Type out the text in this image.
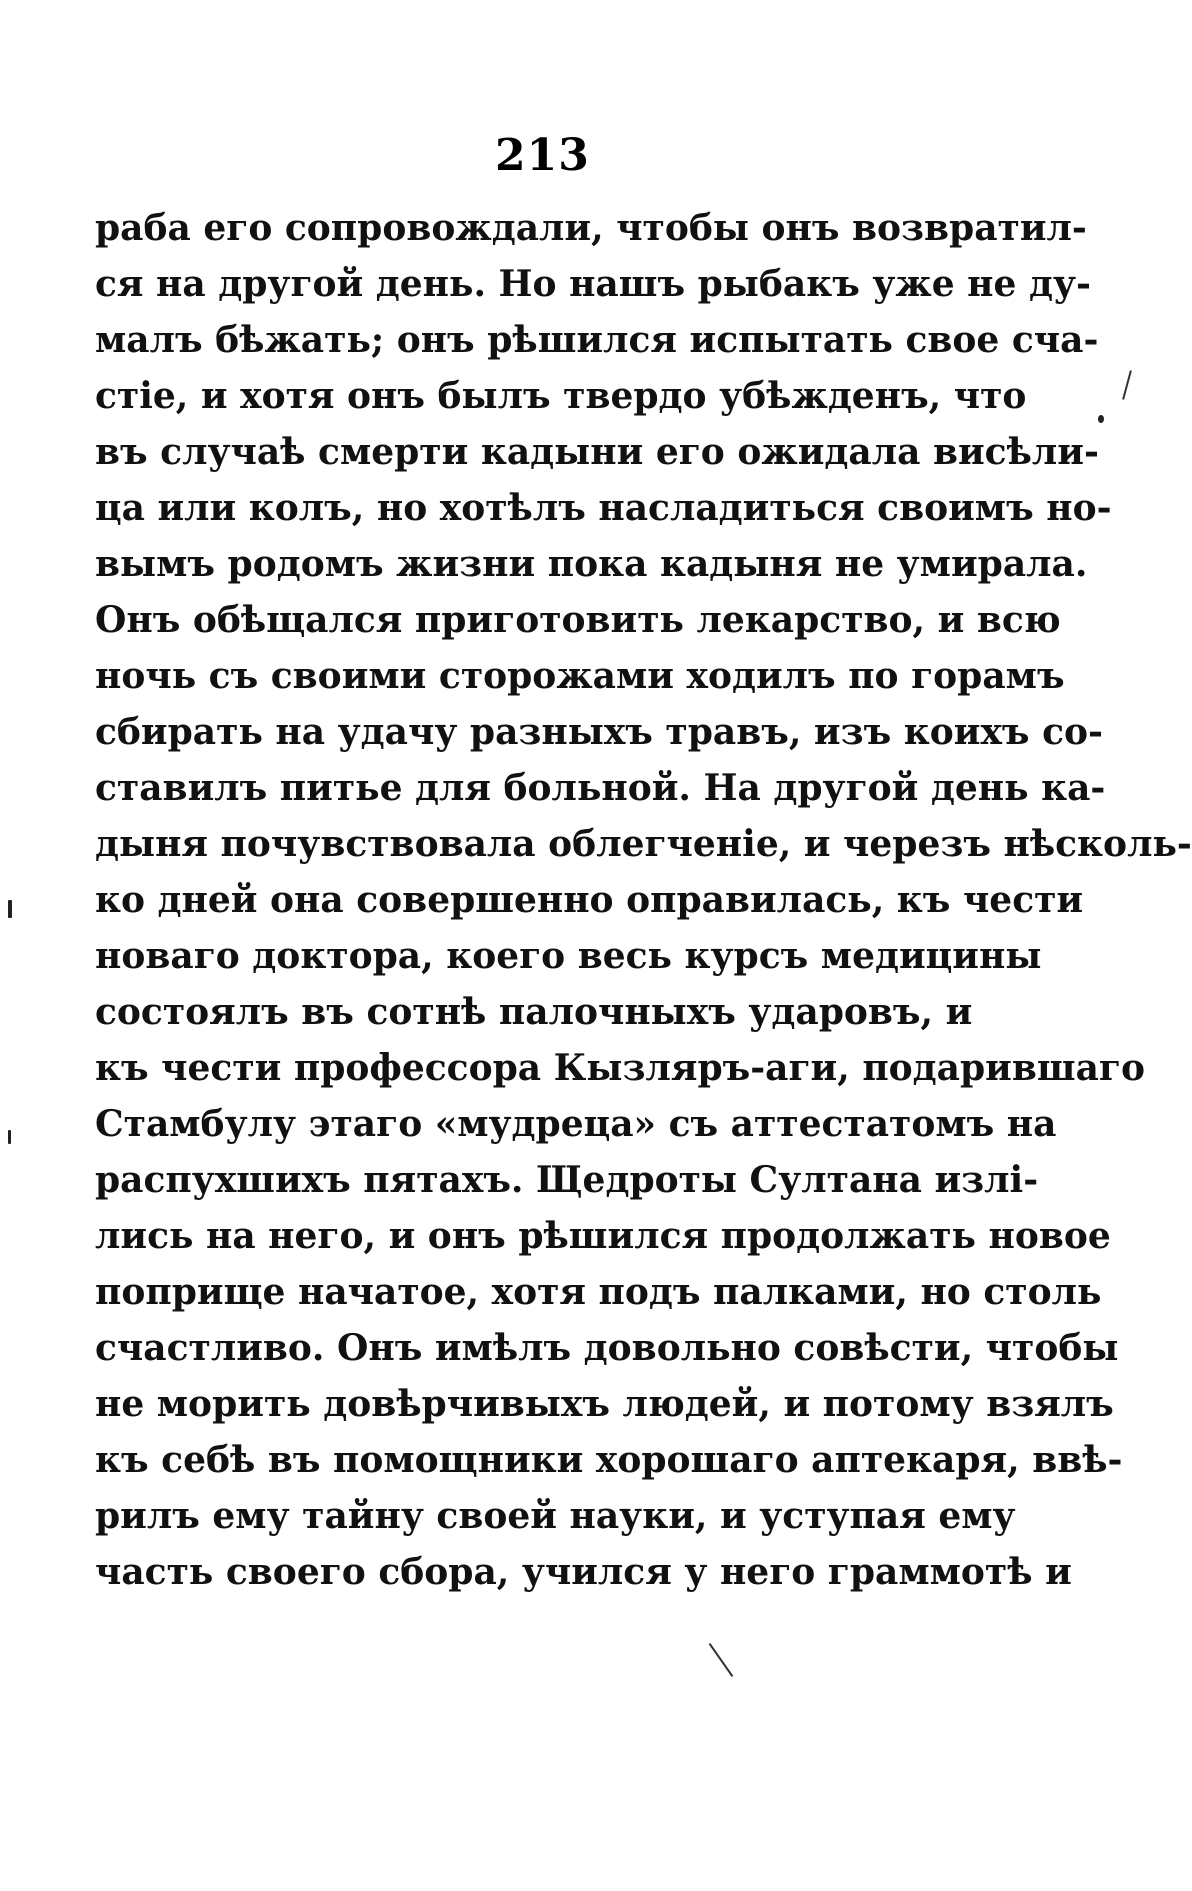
213
раба его сопровождали, чтобы онъ возвратил-
ся на другой день. Но нашъ рыбакъ уже не ду-
малъ бѣжать; онъ рѣшился испытать свое сча-
стіе, и хотя онъ былъ твердо убѣжденъ, что
въ случаѣ смерти кадыни его ожидала висѣли-
ца или колъ, но хотѣлъ насладиться своимъ но-
вымъ родомъ жизни пока кадыня не умирала.
Онъ обѣщался приготовить лекарство, и всю
ночь съ своими сторожами ходилъ по горамъ
сбирать на удачу разныхъ травъ, изъ коихъ со-
ставилъ питье для больной. На другой день ка-
дыня почувствовала облегченіе, и черезъ нѣсколь-
ко дней она совершенно оправилась, къ чести
новаго доктора, коего весь курсъ медицины
состоялъ въ сотнѣ палочныхъ ударовъ, и
къ чести профессора Кызляръ-аги, подарившаго
Стамбулу этаго «мудреца» съ аттестатомъ на
распухшихъ пятахъ. Щедроты Султана излі-
лись на него, и онъ рѣшился продолжать новое
поприще начатое, хотя подъ палками, но столь
счастливо. Онъ имѣлъ довольно совѣсти, чтобы
не морить довѣрчивыхъ людей, и потому взялъ
къ себѣ въ помощники хорошаго аптекаря, ввѣ-
рилъ ему тайну своей науки, и уступая ему
часть своего сбора, учился у него граммотѣ и
